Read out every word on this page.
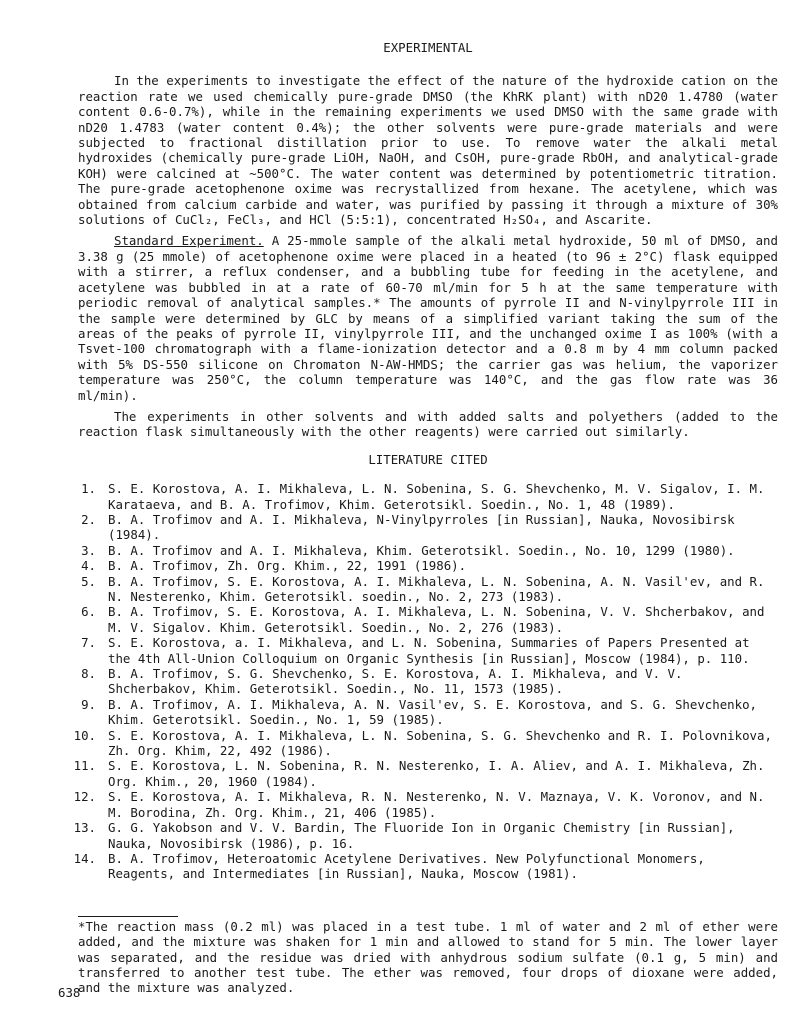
EXPERIMENTAL

In the experiments to investigate the effect of the nature of the hydroxide cation on the reaction rate we used chemically pure-grade DMSO (the KhRK plant) with nD20 1.4780 (water content 0.6-0.7%), while in the remaining experiments we used DMSO with the same grade with nD20 1.4783 (water content 0.4%); the other solvents were pure-grade materials and were subjected to fractional distillation prior to use. To remove water the alkali metal hydroxides (chemically pure-grade LiOH, NaOH, and CsOH, pure-grade RbOH, and analytical-grade KOH) were calcined at ~500°C. The water content was determined by potentiometric titration. The pure-grade acetophenone oxime was recrystallized from hexane. The acetylene, which was obtained from calcium carbide and water, was purified by passing it through a mixture of 30% solutions of CuCl₂, FeCl₃, and HCl (5:5:1), concentrated H₂SO₄, and Ascarite.

Standard Experiment. A 25-mmole sample of the alkali metal hydroxide, 50 ml of DMSO, and 3.38 g (25 mmole) of acetophenone oxime were placed in a heated (to 96 ± 2°C) flask equipped with a stirrer, a reflux condenser, and a bubbling tube for feeding in the acetylene, and acetylene was bubbled in at a rate of 60-70 ml/min for 5 h at the same temperature with periodic removal of analytical samples.* The amounts of pyrrole II and N-vinylpyrrole III in the sample were determined by GLC by means of a simplified variant taking the sum of the areas of the peaks of pyrrole II, vinylpyrrole III, and the unchanged oxime I as 100% (with a Tsvet-100 chromatograph with a flame-ionization detector and a 0.8 m by 4 mm column packed with 5% DS-550 silicone on Chromaton N-AW-HMDS; the carrier gas was helium, the vaporizer temperature was 250°C, the column temperature was 140°C, and the gas flow rate was 36 ml/min).

The experiments in other solvents and with added salts and polyethers (added to the reaction flask simultaneously with the other reagents) were carried out similarly.

LITERATURE CITED
1. S. E. Korostova, A. I. Mikhaleva, L. N. Sobenina, S. G. Shevchenko, M. V. Sigalov, I. M. Karataeva, and B. A. Trofimov, Khim. Geterotsikl. Soedin., No. 1, 48 (1989).
2. B. A. Trofimov and A. I. Mikhaleva, N-Vinylpyrroles [in Russian], Nauka, Novosibirsk (1984).
3. B. A. Trofimov and A. I. Mikhaleva, Khim. Geterotsikl. Soedin., No. 10, 1299 (1980).
4. B. A. Trofimov, Zh. Org. Khim., 22, 1991 (1986).
5. B. A. Trofimov, S. E. Korostova, A. I. Mikhaleva, L. N. Sobenina, A. N. Vasil'ev, and R. N. Nesterenko, Khim. Geterotsikl. soedin., No. 2, 273 (1983).
6. B. A. Trofimov, S. E. Korostova, A. I. Mikhaleva, L. N. Sobenina, V. V. Shcherbakov, and M. V. Sigalov. Khim. Geterotsikl. Soedin., No. 2, 276 (1983).
7. S. E. Korostova, a. I. Mikhaleva, and L. N. Sobenina, Summaries of Papers Presented at the 4th All-Union Colloquium on Organic Synthesis [in Russian], Moscow (1984), p. 110.
8. B. A. Trofimov, S. G. Shevchenko, S. E. Korostova, A. I. Mikhaleva, and V. V. Shcherbakov, Khim. Geterotsikl. Soedin., No. 11, 1573 (1985).
9. B. A. Trofimov, A. I. Mikhaleva, A. N. Vasil'ev, S. E. Korostova, and S. G. Shevchenko, Khim. Geterotsikl. Soedin., No. 1, 59 (1985).
10. S. E. Korostova, A. I. Mikhaleva, L. N. Sobenina, S. G. Shevchenko and R. I. Polovnikova, Zh. Org. Khim, 22, 492 (1986).
11. S. E. Korostova, L. N. Sobenina, R. N. Nesterenko, I. A. Aliev, and A. I. Mikhaleva, Zh. Org. Khim., 20, 1960 (1984).
12. S. E. Korostova, A. I. Mikhaleva, R. N. Nesterenko, N. V. Maznaya, V. K. Voronov, and N. M. Borodina, Zh. Org. Khim., 21, 406 (1985).
13. G. G. Yakobson and V. V. Bardin, The Fluoride Ion in Organic Chemistry [in Russian], Nauka, Novosibirsk (1986), p. 16.
14. B. A. Trofimov, Heteroatomic Acetylene Derivatives. New Polyfunctional Monomers, Reagents, and Intermediates [in Russian], Nauka, Moscow (1981).

*The reaction mass (0.2 ml) was placed in a test tube. 1 ml of water and 2 ml of ether were added, and the mixture was shaken for 1 min and allowed to stand for 5 min. The lower layer was separated, and the residue was dried with anhydrous sodium sulfate (0.1 g, 5 min) and transferred to another test tube. The ether was removed, four drops of dioxane were added, and the mixture was analyzed.

638
